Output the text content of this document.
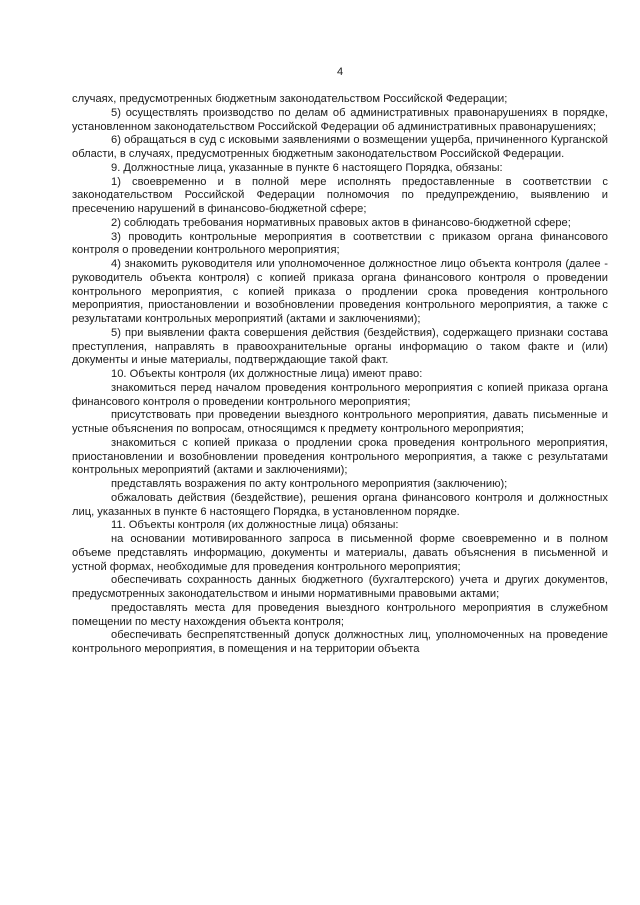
4

случаях, предусмотренных бюджетным законодательством Российской Федерации;

5) осуществлять производство по делам об административных правонарушениях в порядке, установленном законодательством Российской Федерации об административных правонарушениях;

6) обращаться в суд с исковыми заявлениями о возмещении ущерба, причиненного Курганской области, в случаях, предусмотренных бюджетным законодательством Российской Федерации.

9. Должностные лица, указанные в пункте 6 настоящего Порядка, обязаны:

1) своевременно и в полной мере исполнять предоставленные в соответствии с законодательством Российской Федерации полномочия по предупреждению, выявлению и пресечению нарушений в финансово-бюджетной сфере;

2) соблюдать требования нормативных правовых актов в финансово-бюджетной сфере;

3) проводить контрольные мероприятия в соответствии с приказом органа финансового контроля о проведении контрольного мероприятия;

4) знакомить руководителя или уполномоченное должностное лицо объекта контроля (далее - руководитель объекта контроля) с копией приказа органа финансового контроля о проведении контрольного мероприятия, с копией приказа о продлении срока проведения контрольного мероприятия, приостановлении и возобновлении проведения контрольного мероприятия, а также с результатами контрольных мероприятий (актами и заключениями);

5) при выявлении факта совершения действия (бездействия), содержащего признаки состава преступления, направлять в правоохранительные органы информацию о таком факте и (или) документы и иные материалы, подтверждающие такой факт.

10. Объекты контроля (их должностные лица) имеют право:

знакомиться перед началом проведения контрольного мероприятия с копией приказа органа финансового контроля о проведении контрольного мероприятия;

присутствовать при проведении выездного контрольного мероприятия, давать письменные и устные объяснения по вопросам, относящимся к предмету контрольного мероприятия;

знакомиться с копией приказа о продлении срока проведения контрольного мероприятия, приостановлении и возобновлении проведения контрольного мероприятия, а также с результатами контрольных мероприятий (актами и заключениями);

представлять возражения по акту контрольного мероприятия (заключению);

обжаловать действия (бездействие), решения органа финансового контроля и должностных лиц, указанных в пункте 6 настоящего Порядка, в установленном порядке.

11. Объекты контроля (их должностные лица) обязаны:

на основании мотивированного запроса в письменной форме своевременно и в полном объеме представлять информацию, документы и материалы, давать объяснения в письменной и устной формах, необходимые для проведения контрольного мероприятия;

обеспечивать сохранность данных бюджетного (бухгалтерского) учета и других документов, предусмотренных законодательством и иными нормативными правовыми актами;

предоставлять места для проведения выездного контрольного мероприятия в служебном помещении по месту нахождения объекта контроля;

обеспечивать беспрепятственный допуск должностных лиц, уполномоченных на проведение контрольного мероприятия, в помещения и на территории объекта
